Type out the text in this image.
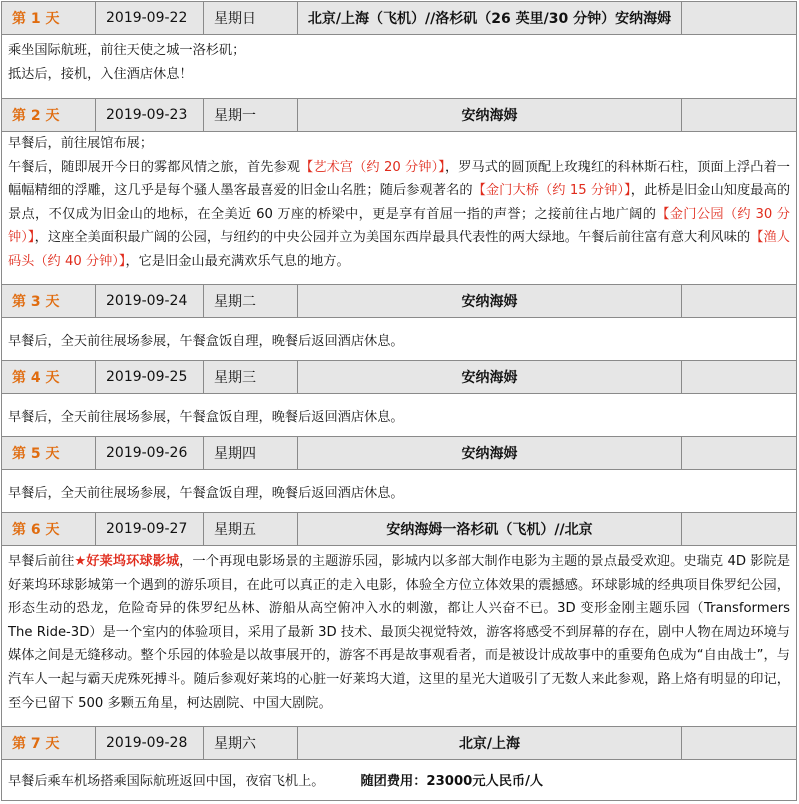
第 1 天	2019-09-22	星期日	北京/上海（飞机）//洛杉矶（26 英里/30 分钟）安纳海姆

乘坐国际航班，前往天使之城一洛杉矶；

抵达后，接机，入住酒店休息！

第 2 天	2019-09-23	星期一	安纳海姆

早餐后，前往展馆布展；

午餐后，随即展开今日的雾都风情之旅，首先参观【艺术宫（约 20 分钟）】，罗马式的圆顶配上玫瑰红的科林斯石柱，顶面上浮凸着一幅幅精细的浮雕，这几乎是每个骚人墨客最喜爱的旧金山名胜；随后参观著名的【金门大桥（约 15 分钟）】，此桥是旧金山知度最高的景点，不仅成为旧金山的地标，在全美近 60 万座的桥梁中，更是享有首屈一指的声誉；之接前往占地广阔的【金门公园（约 30 分钟）】，这座全美面积最广阔的公园，与纽约的中央公园并立为美国东西岸最具代表性的两大绿地。午餐后前往富有意大利风味的【渔人码头（约 40 分钟）】，它是旧金山最充满欢乐气息的地方。

第 3 天	2019-09-24	星期二	安纳海姆

早餐后，全天前往展场参展，午餐盒饭自理，晚餐后返回酒店休息。

第 4 天	2019-09-25	星期三	安纳海姆

早餐后，全天前往展场参展，午餐盒饭自理，晚餐后返回酒店休息。

第 5 天	2019-09-26	星期四	安纳海姆

早餐后，全天前往展场参展，午餐盒饭自理，晚餐后返回酒店休息。

第 6 天	2019-09-27	星期五	安纳海姆一洛杉矶（飞机）//北京

早餐后前往★好莱坞环球影城，一个再现电影场景的主题游乐园，影城内以多部大制作电影为主题的景点最受欢迎。史瑞克 4D 影院是好莱坞环球影城第一个遇到的游乐项目，在此可以真正的走入电影，体验全方位立体效果的震撼感。环球影城的经典项目侏罗纪公园，形态生动的恐龙，危险奇异的侏罗纪丛林、游船从高空俯冲入水的刺激，都让人兴奋不已。3D 变形金刚主题乐园（Transformers The Ride-3D）是一个室内的体验项目，采用了最新 3D 技术、最顶尖视觉特效，游客将感受不到屏幕的存在，剧中人物在周边环境与媒体之间是无缝移动。整个乐园的体验是以故事展开的，游客不再是故事观看者，而是被设计成故事中的重要角色成为“自由战士”，与汽车人一起与霸天虎殊死搏斗。随后参观好莱坞的心脏一好莱坞大道，这里的星光大道吸引了无数人来此参观，路上烙有明显的印记，至今已留下 500 多颗五角星，柯达剧院、中国大剧院。

第 7 天	2019-09-28	星期六	北京/上海

早餐后乘车机场搭乘国际航班返回中国，夜宿飞机上。	随团费用：23000元人民币/人
